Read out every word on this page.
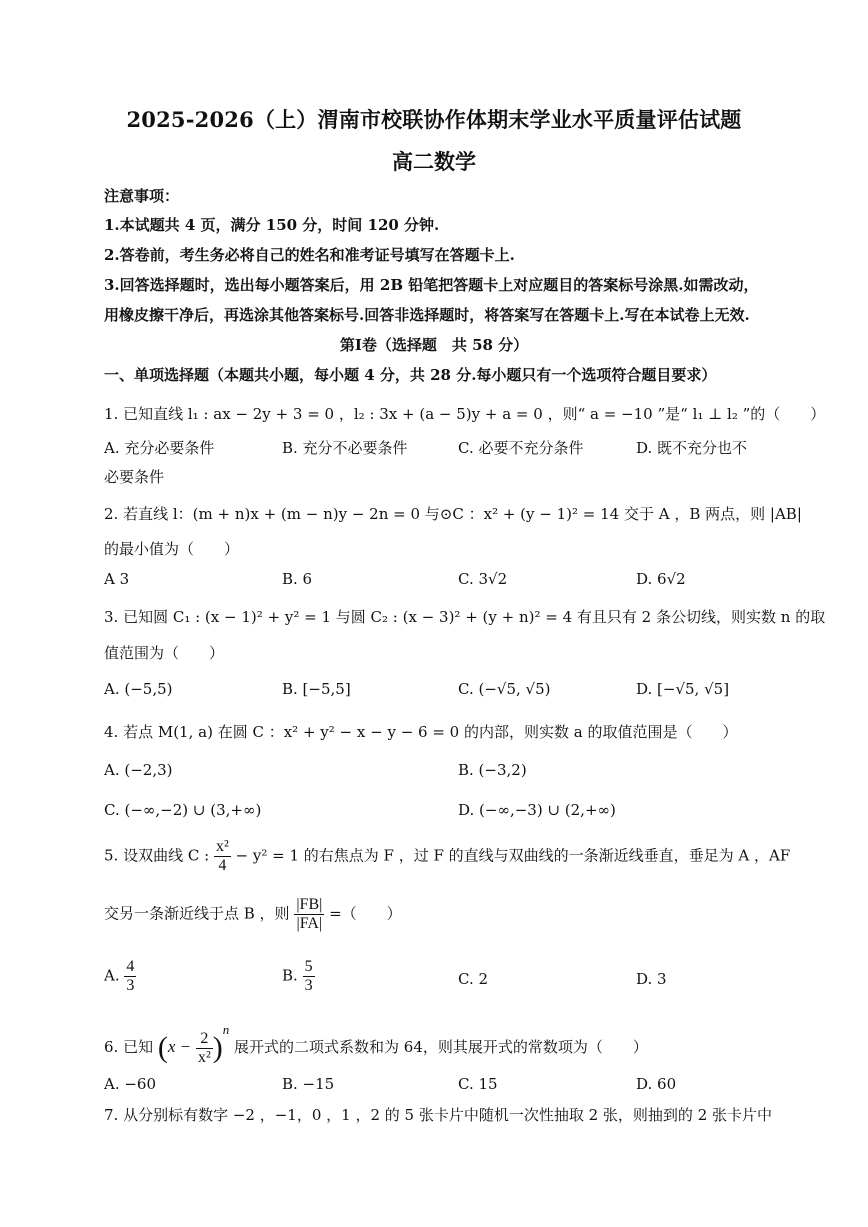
2025-2026（上）渭南市校联协作体期末学业水平质量评估试题
高二数学
注意事项：
1.本试题共 4 页，满分 150 分，时间 120 分钟.
2.答卷前，考生务必将自己的姓名和准考证号填写在答题卡上.
3.回答选择题时，选出每小题答案后，用 2B 铅笔把答题卡上对应题目的答案标号涂黑.如需改动，
用橡皮擦干净后，再选涂其他答案标号.回答非选择题时，将答案写在答题卡上.写在本试卷上无效.
第Ⅰ卷（选择题　共 58 分）
一、单项选择题（本题共小题，每小题 4 分，共 28 分.每小题只有一个选项符合题目要求）
1. 已知直线 l₁ : ax − 2y + 3 = 0 ，l₂ : 3x + (a − 5)y + a = 0 ，则“ a = −10 ”是“ l₁ ⊥ l₂ ”的（　　）
A. 充分必要条件	B. 充分不必要条件	C. 必要不充分条件	D. 既不充分也不
必要条件
2. 若直线 l：(m + n)x + (m − n)y − 2n = 0 与⊙C ：x² + (y − 1)² = 14 交于 A ，B 两点，则 |AB|
的最小值为（　　）
A 3	B. 6	C. 3√2	D. 6√2
3. 已知圆 C₁ : (x − 1)² + y² = 1 与圆 C₂ : (x − 3)² + (y + n)² = 4 有且只有 2 条公切线，则实数 n 的取
值范围为（　　）
A. (−5,5)	B. [−5,5]	C. (−√5, √5)	D. [−√5, √5]
4. 若点 M(1, a) 在圆 C ：x² + y² − x − y − 6 = 0 的内部，则实数 a 的取值范围是（　　）
A. (−2,3)	B. (−3,2)
C. (−∞,−2) ∪ (3,+∞)	D. (−∞,−3) ∪ (2,+∞)
5. 设双曲线 C : $\frac{\text{x²}}{4} - y^2 = 1$ 的右焦点为 F ，过 F 的直线与双曲线的一条渐近线垂直，垂足为 A ，AF
交另一条渐近线于点 B ，则 $\frac{|FB|}{|FA|}$ =（　　）
A. $\frac{4}{3}$	B. $\frac{5}{3}$	C. 2	D. 3
6. 已知 $(x - \frac{2}{\text{x²}} )^n$ 展开式的二项式系数和为 64，则其展开式的常数项为（　　）
A. −60	B. −15	C. 15	D. 60
7. 从分别标有数字 −2 ，−1，0 ，1 ，2 的 5 张卡片中随机一次性抽取 2 张，则抽到的 2 张卡片中
